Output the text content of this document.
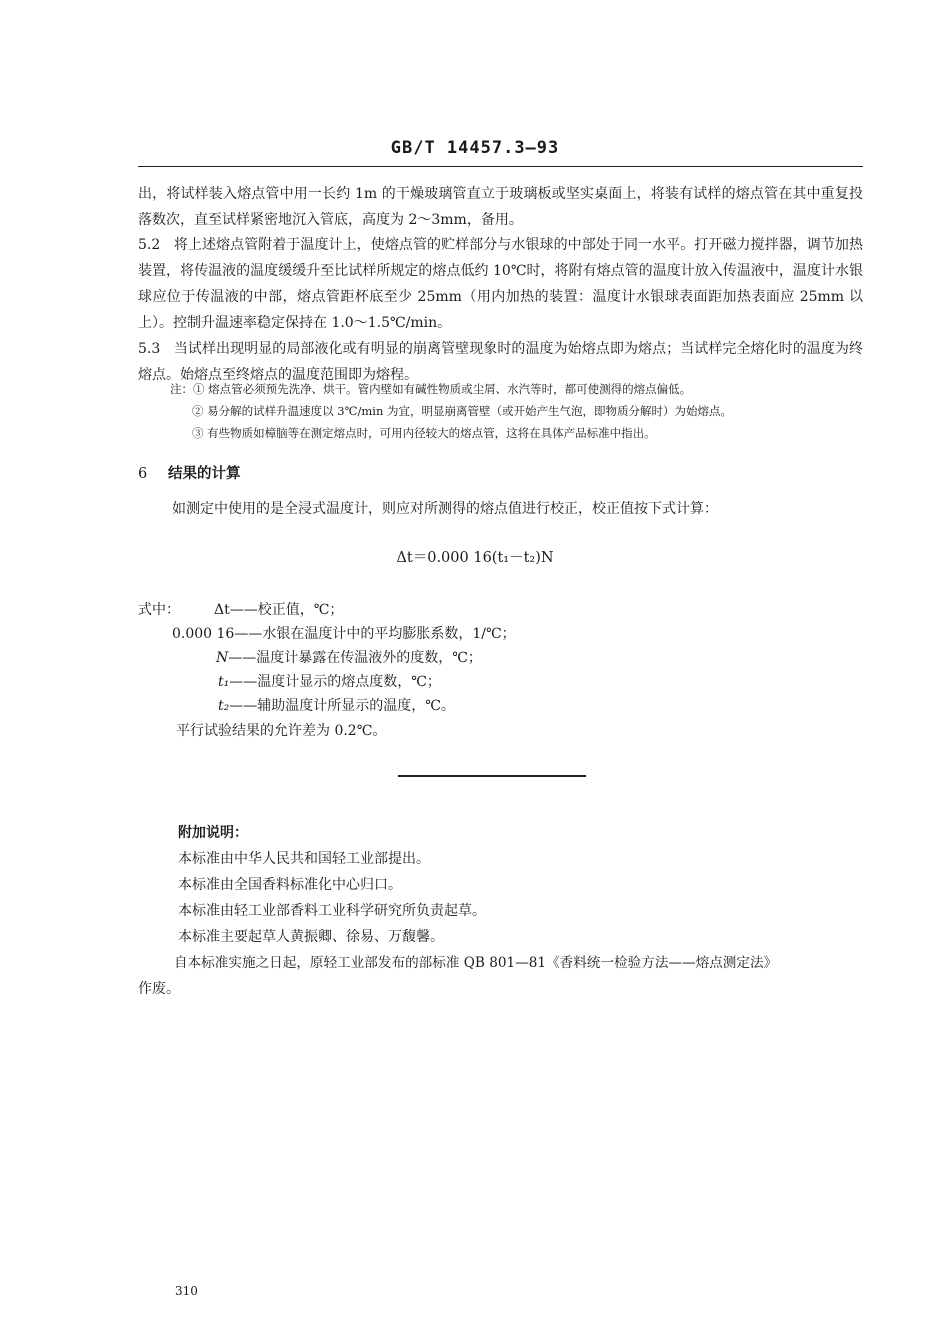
GB/T 14457.3—93
出，将试样装入熔点管中用一长约 1m 的干燥玻璃管直立于玻璃板或坚实桌面上，将装有试样的熔点管在其中重复投落数次，直至试样紧密地沉入管底，高度为 2～3mm，备用。
5.2 将上述熔点管附着于温度计上，使熔点管的贮样部分与水银球的中部处于同一水平。打开磁力搅拌器，调节加热装置，将传温液的温度缓缓升至比试样所规定的熔点低约 10℃时，将附有熔点管的温度计放入传温液中，温度计水银球应位于传温液的中部，熔点管距杯底至少 25mm（用内加热的装置：温度计水银球表面距加热表面应 25mm 以上）。控制升温速率稳定保持在 1.0～1.5℃/min。
5.3 当试样出现明显的局部液化或有明显的崩离管壁现象时的温度为始熔点即为熔点；当试样完全熔化时的温度为终熔点。始熔点至终熔点的温度范围即为熔程。
注：① 熔点管必须预先洗净、烘干。管内壁如有碱性物质或尘屑、水汽等时，都可使测得的熔点偏低。
② 易分解的试样升温速度以 3℃/min 为宜，明显崩离管壁（或开始产生气泡，即物质分解时）为始熔点。
③ 有些物质如樟脑等在测定熔点时，可用内径较大的熔点管，这将在具体产品标准中指出。
6 结果的计算
如测定中使用的是全浸式温度计，则应对所测得的熔点值进行校正，校正值按下式计算：
Δt＝0.000 16(t₁－t₂)N
式中： Δt——校正值，℃；
0.000 16——水银在温度计中的平均膨胀系数，1/℃；
N——温度计暴露在传温液外的度数，℃；
t₁——温度计显示的熔点度数，℃；
t₂——辅助温度计所显示的温度，℃。
平行试验结果的允许差为 0.2℃。
附加说明：
本标准由中华人民共和国轻工业部提出。
本标准由全国香料标准化中心归口。
本标准由轻工业部香料工业科学研究所负责起草。
本标准主要起草人黄振卿、徐易、万馥馨。
自本标准实施之日起，原轻工业部发布的部标准 QB 801—81《香料统一检验方法——熔点测定法》
作废。
310
